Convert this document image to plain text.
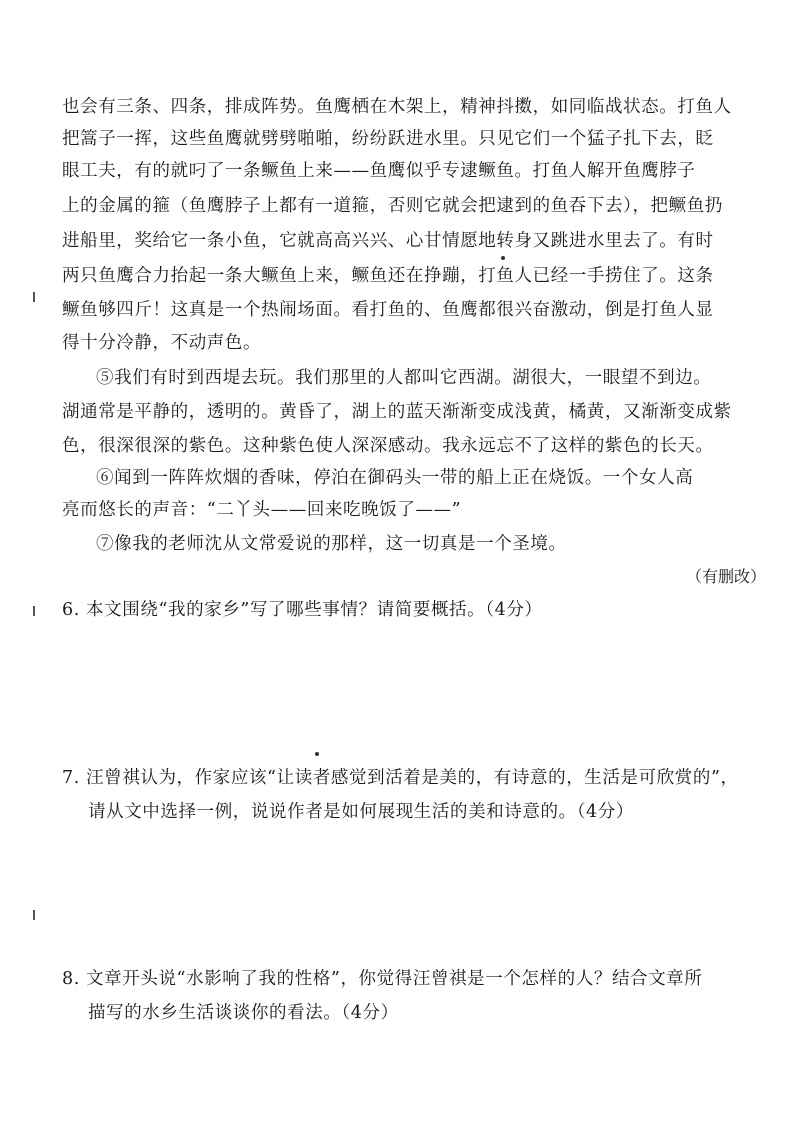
也会有三条、四条，排成阵势。鱼鹰栖在木架上，精神抖擞，如同临战状态。打鱼人
把篙子一挥，这些鱼鹰就劈劈啪啪，纷纷跃进水里。只见它们一个猛子扎下去，眨
眼工夫，有的就叼了一条鳜鱼上来——鱼鹰似乎专逮鳜鱼。打鱼人解开鱼鹰脖子
上的金属的箍（鱼鹰脖子上都有一道箍，否则它就会把逮到的鱼吞下去），把鳜鱼扔
进船里，奖给它一条小鱼，它就高高兴兴、心甘情愿地转身又跳进水里去了。有时
两只鱼鹰合力抬起一条大鳜鱼上来，鳜鱼还在挣蹦，打鱼人已经一手捞住了。这条
鳜鱼够四斤！这真是一个热闹场面。看打鱼的、鱼鹰都很兴奋激动，倒是打鱼人显
得十分冷静，不动声色。
⑤我们有时到西堤去玩。我们那里的人都叫它西湖。湖很大，一眼望不到边。
湖通常是平静的，透明的。黄昏了，湖上的蓝天渐渐变成浅黄，橘黄，又渐渐变成紫
色，很深很深的紫色。这种紫色使人深深感动。我永远忘不了这样的紫色的长天。
⑥闻到一阵阵炊烟的香味，停泊在御码头一带的船上正在烧饭。一个女人高
亮而悠长的声音：“二丫头——回来吃晚饭了——”
⑦像我的老师沈从文常爱说的那样，这一切真是一个圣境。
（有删改）
6. 本文围绕“我的家乡”写了哪些事情？请简要概括。（4分）
7. 汪曾祺认为，作家应该“让读者感觉到活着是美的，有诗意的，生活是可欣赏的”，
请从文中选择一例，说说作者是如何展现生活的美和诗意的。（4分）
8. 文章开头说“水影响了我的性格”，你觉得汪曾祺是一个怎样的人？结合文章所
描写的水乡生活谈谈你的看法。（4分）
